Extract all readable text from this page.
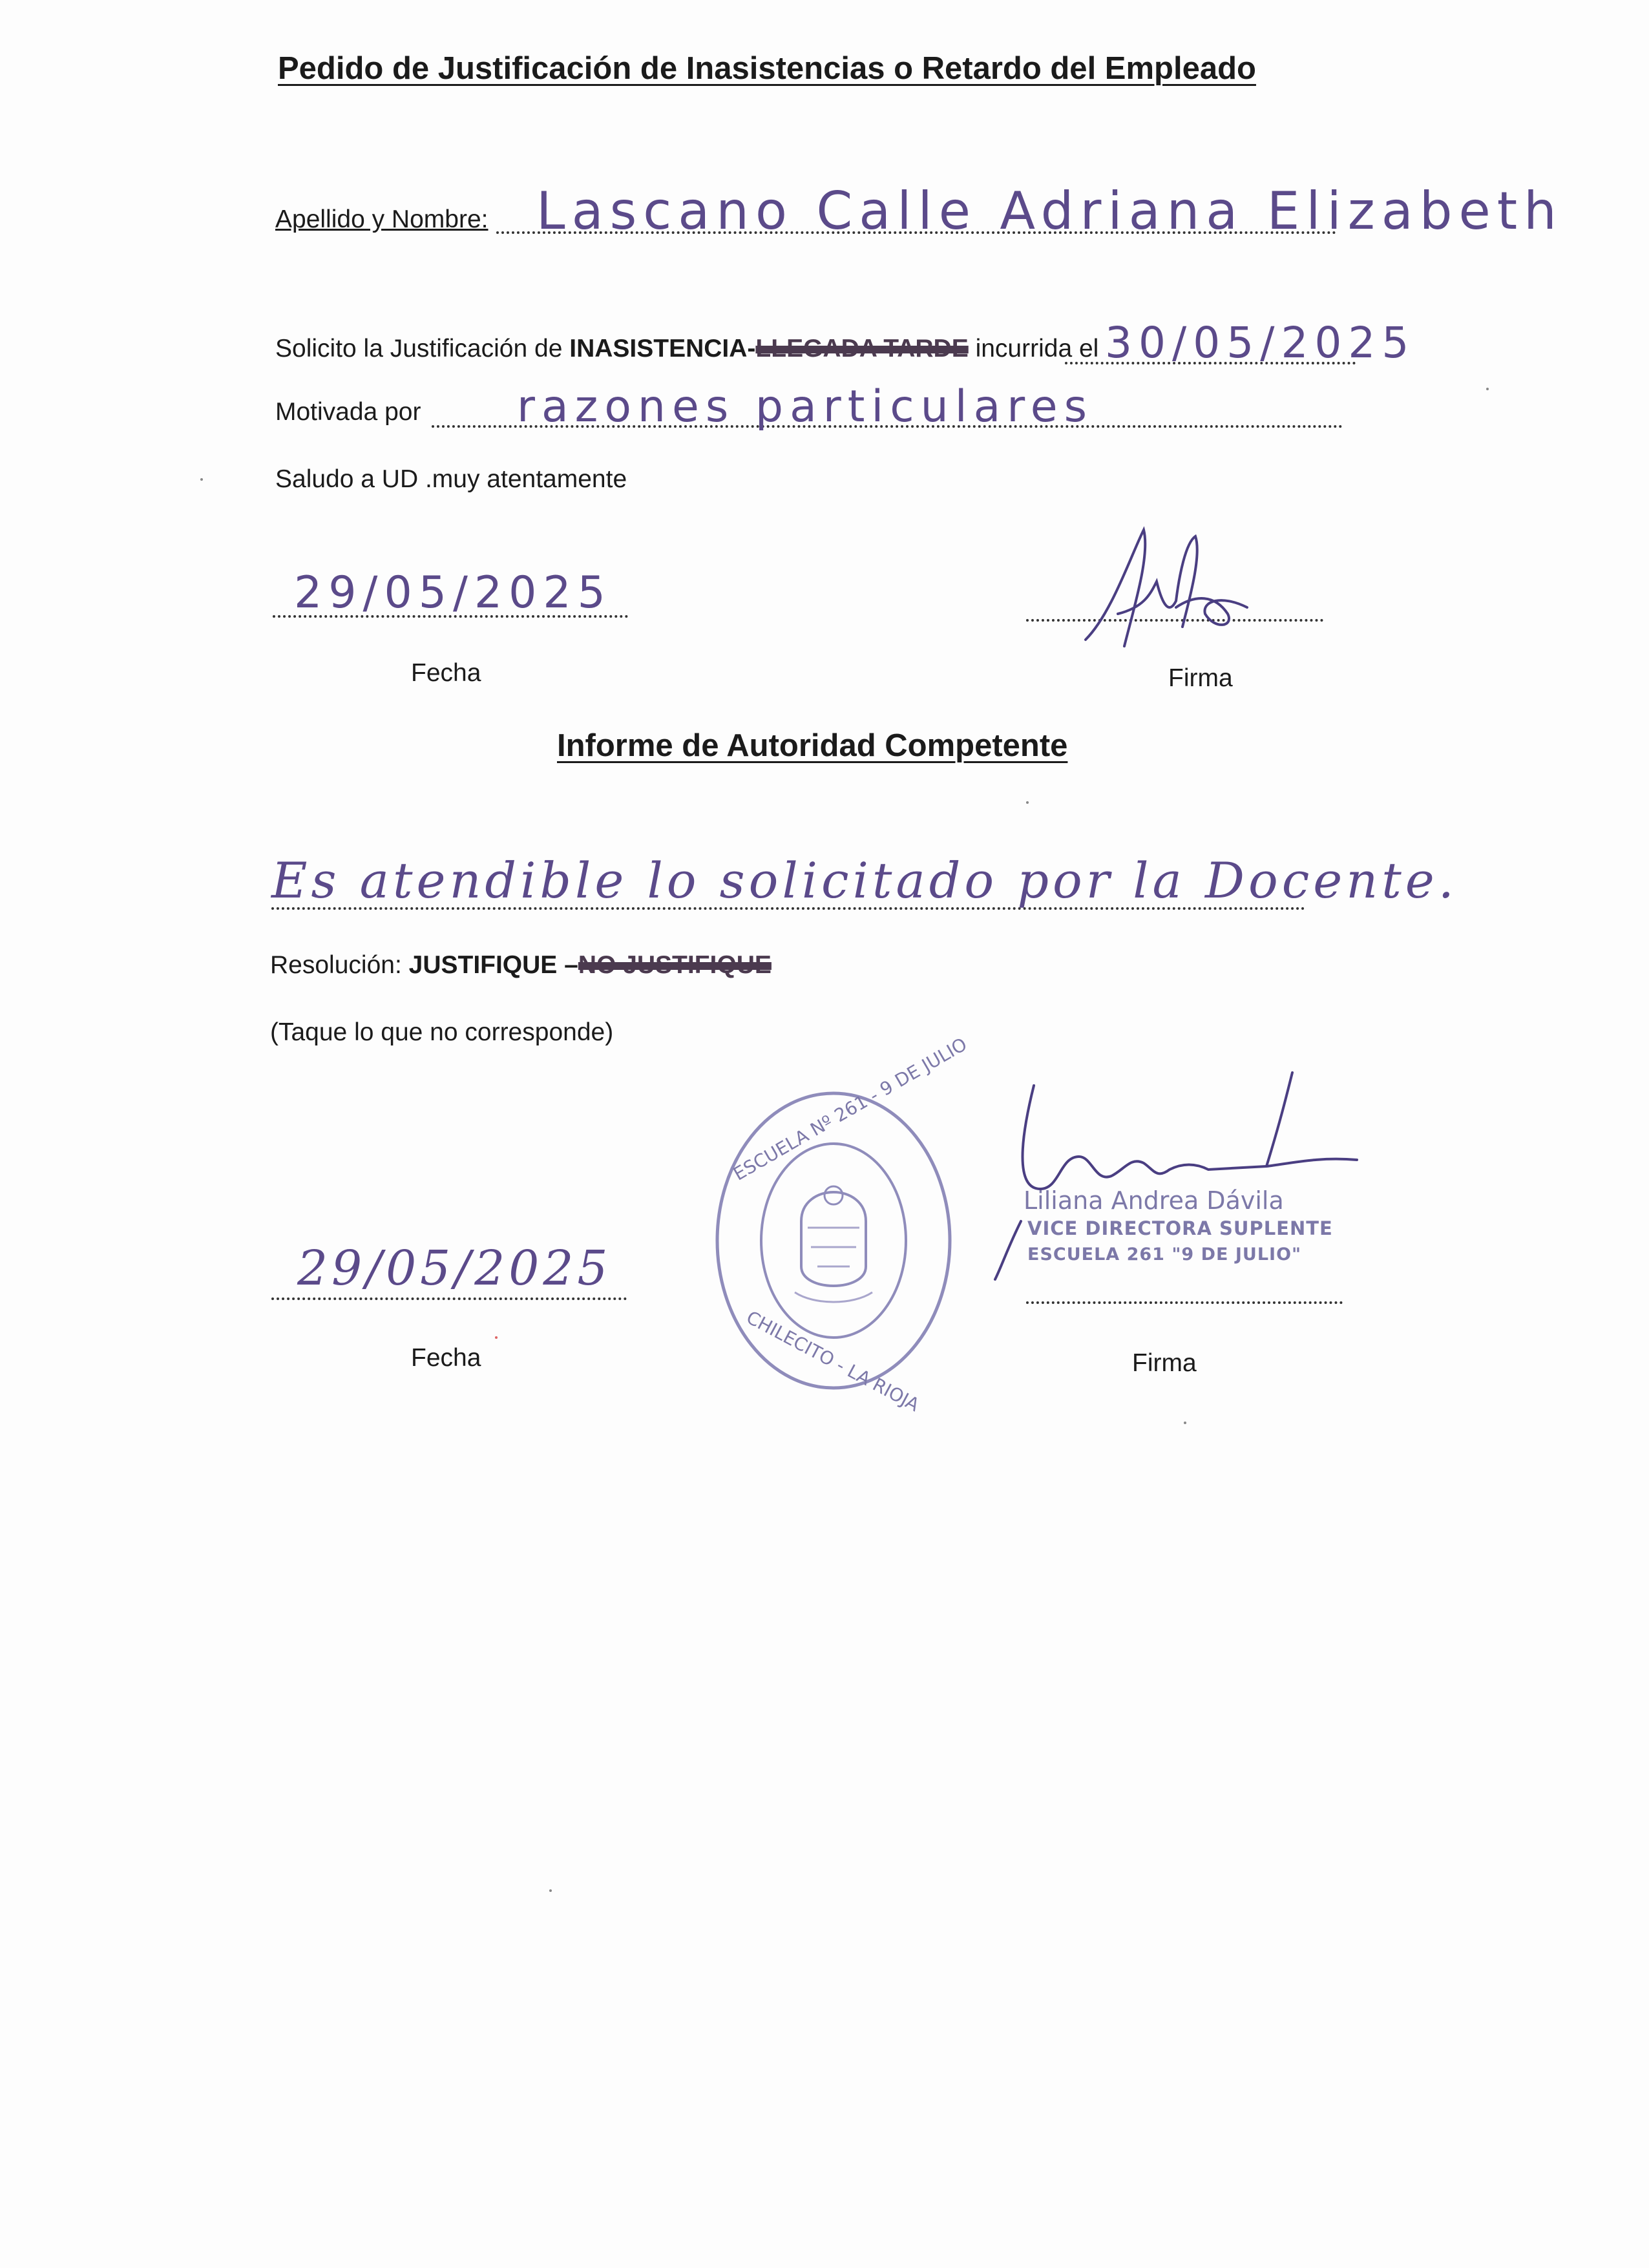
Pedido de Justificación de Inasistencias o Retardo del Empleado
Apellido y Nombre: Lascano Calle Adriana Elizabeth
Solicito la Justificación de INASISTENCIA-LLEGADA TARDE incurrida el 30/05/2025
Motivada por razones particulares
Saludo a UD .muy atentamente
29/05/2025
Fecha	Firma
Informe de Autoridad Competente
Es atendible lo solicitado por la Docente.
Resolución: JUSTIFIQUE –NO JUSTIFIQUE
(Taque lo que no corresponde)
ESCUELA Nº 261 - 9 DE JULIO
CHILECITO - LA RIOJA
29/05/2025
Fecha
Liliana Andrea Dávila
VICE DIRECTORA SUPLENTE
ESCUELA 261 "9 DE JULIO"
Firma
